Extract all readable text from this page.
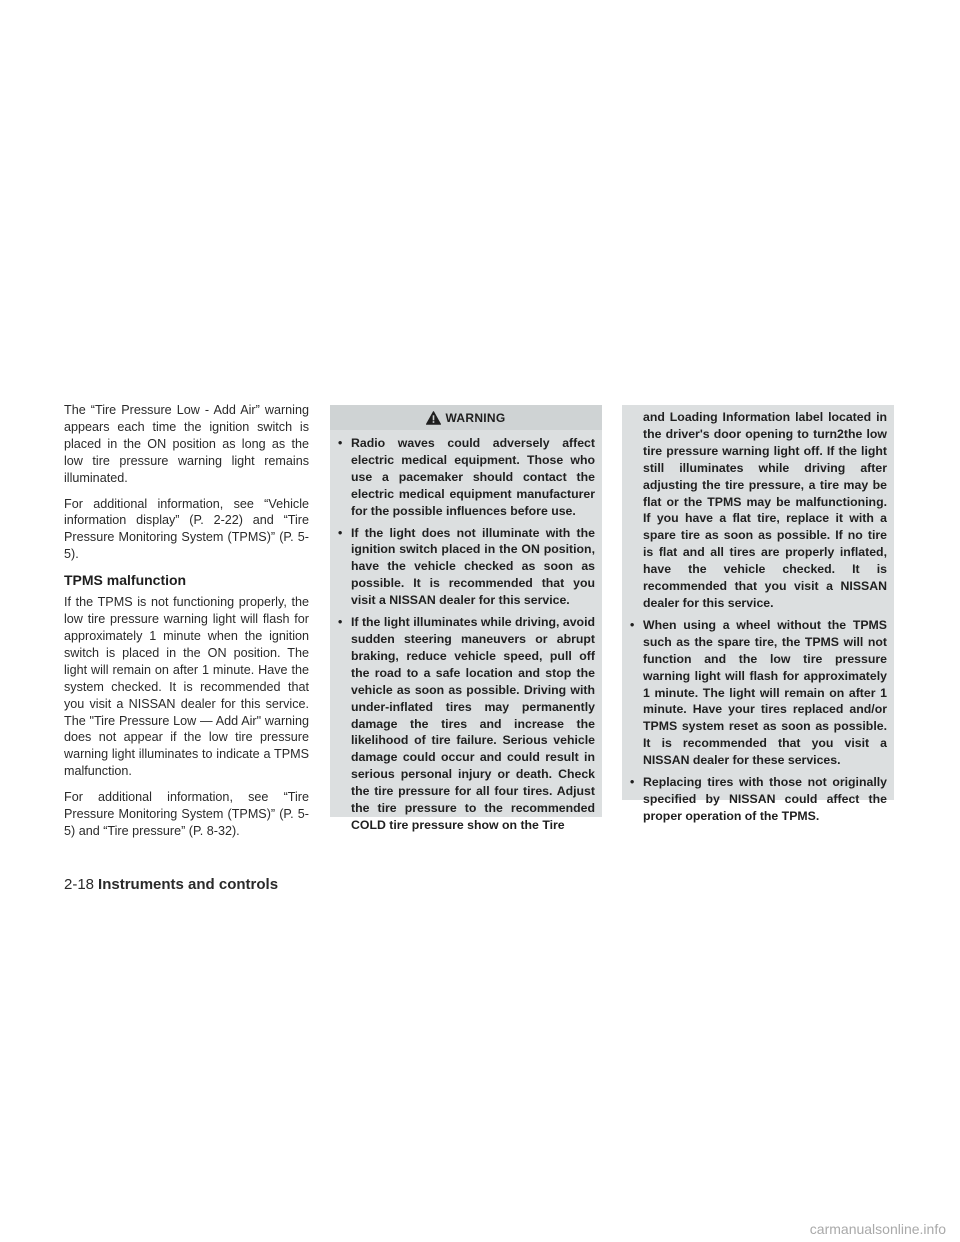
The “Tire Pressure Low - Add Air” warning appears each time the ignition switch is placed in the ON position as long as the low tire pressure warning light remains illuminated.

For additional information, see “Vehicle information display” (P. 2-22) and “Tire Pressure Monitoring System (TPMS)” (P. 5-5).

TPMS malfunction

If the TPMS is not functioning properly, the low tire pressure warning light will flash for approximately 1 minute when the ignition switch is placed in the ON position. The light will remain on after 1 minute. Have the system checked. It is recommended that you visit a NISSAN dealer for this service. The "Tire Pressure Low — Add Air" warning does not appear if the low tire pressure warning light illuminates to indicate a TPMS malfunction.

For additional information, see “Tire Pressure Monitoring System (TPMS)” (P. 5-5) and “Tire pressure” (P. 8-32).

WARNING
• Radio waves could adversely affect electric medical equipment. Those who use a pacemaker should contact the electric medical equipment manufacturer for the possible influences before use.
• If the light does not illuminate with the ignition switch placed in the ON position, have the vehicle checked as soon as possible. It is recommended that you visit a NISSAN dealer for this service.
• If the light illuminates while driving, avoid sudden steering maneuvers or abrupt braking, reduce vehicle speed, pull off the road to a safe location and stop the vehicle as soon as possible. Driving with under-inflated tires may permanently damage the tires and increase the likelihood of tire failure. Serious vehicle damage could occur and could result in serious personal injury or death. Check the tire pressure for all four tires. Adjust the tire pressure to the recommended COLD tire pressure show on the Tire
and Loading Information label located in the driver's door opening to turn2the low tire pressure warning light off. If the light still illuminates while driving after adjusting the tire pressure, a tire may be flat or the TPMS may be malfunctioning. If you have a flat tire, replace it with a spare tire as soon as possible. If no tire is flat and all tires are properly inflated, have the vehicle checked. It is recommended that you visit a NISSAN dealer for this service.
• When using a wheel without the TPMS such as the spare tire, the TPMS will not function and the low tire pressure warning light will flash for approximately 1 minute. The light will remain on after 1 minute. Have your tires replaced and/or TPMS system reset as soon as possible. It is recommended that you visit a NISSAN dealer for these services.
• Replacing tires with those not originally specified by NISSAN could affect the proper operation of the TPMS.
2-18 Instruments and controls
carmanualsonline.info
